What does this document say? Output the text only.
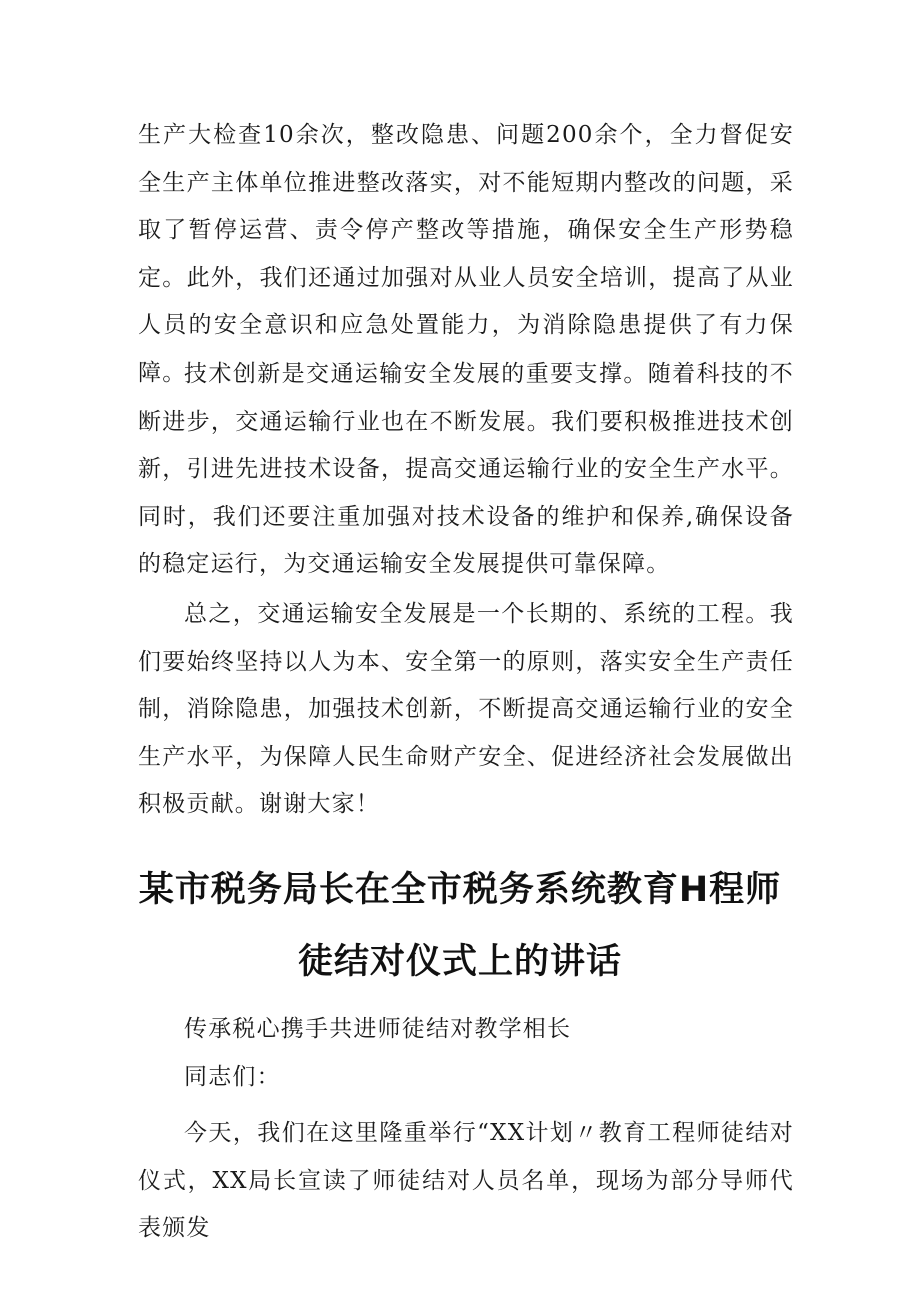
生产大检查10余次，整改隐患、问题200余个，全力督促安全生产主体单位推进整改落实，对不能短期内整改的问题，采取了暂停运营、责令停产整改等措施，确保安全生产形势稳定。此外，我们还通过加强对从业人员安全培训，提高了从业人员的安全意识和应急处置能力，为消除隐患提供了有力保障。

技术创新是交通运输安全发展的重要支撑。随着科技的不断进步，交通运输行业也在不断发展。我们要积极推进技术创新，引进先进技术设备，提高交通运输行业的安全生产水平。同时，我们还要注重加强对技术设备的维护和保养,确保设备的稳定运行，为交通运输安全发展提供可靠保障。

总之，交通运输安全发展是一个长期的、系统的工程。我们要始终坚持以人为本、安全第一的原则，落实安全生产责任制，消除隐患，加强技术创新，不断提高交通运输行业的安全生产水平，为保障人民生命财产安全、促进经济社会发展做出积极贡献。谢谢大家！

某市税务局长在全市税务系统教育H程师
徒结对仪式上的讲话

传承税心携手共进师徒结对教学相长

同志们：

今天，我们在这里隆重举行“XX计划〃教育工程师徒结对仪式，XX局长宣读了师徒结对人员名单，现场为部分导师代表颁发
